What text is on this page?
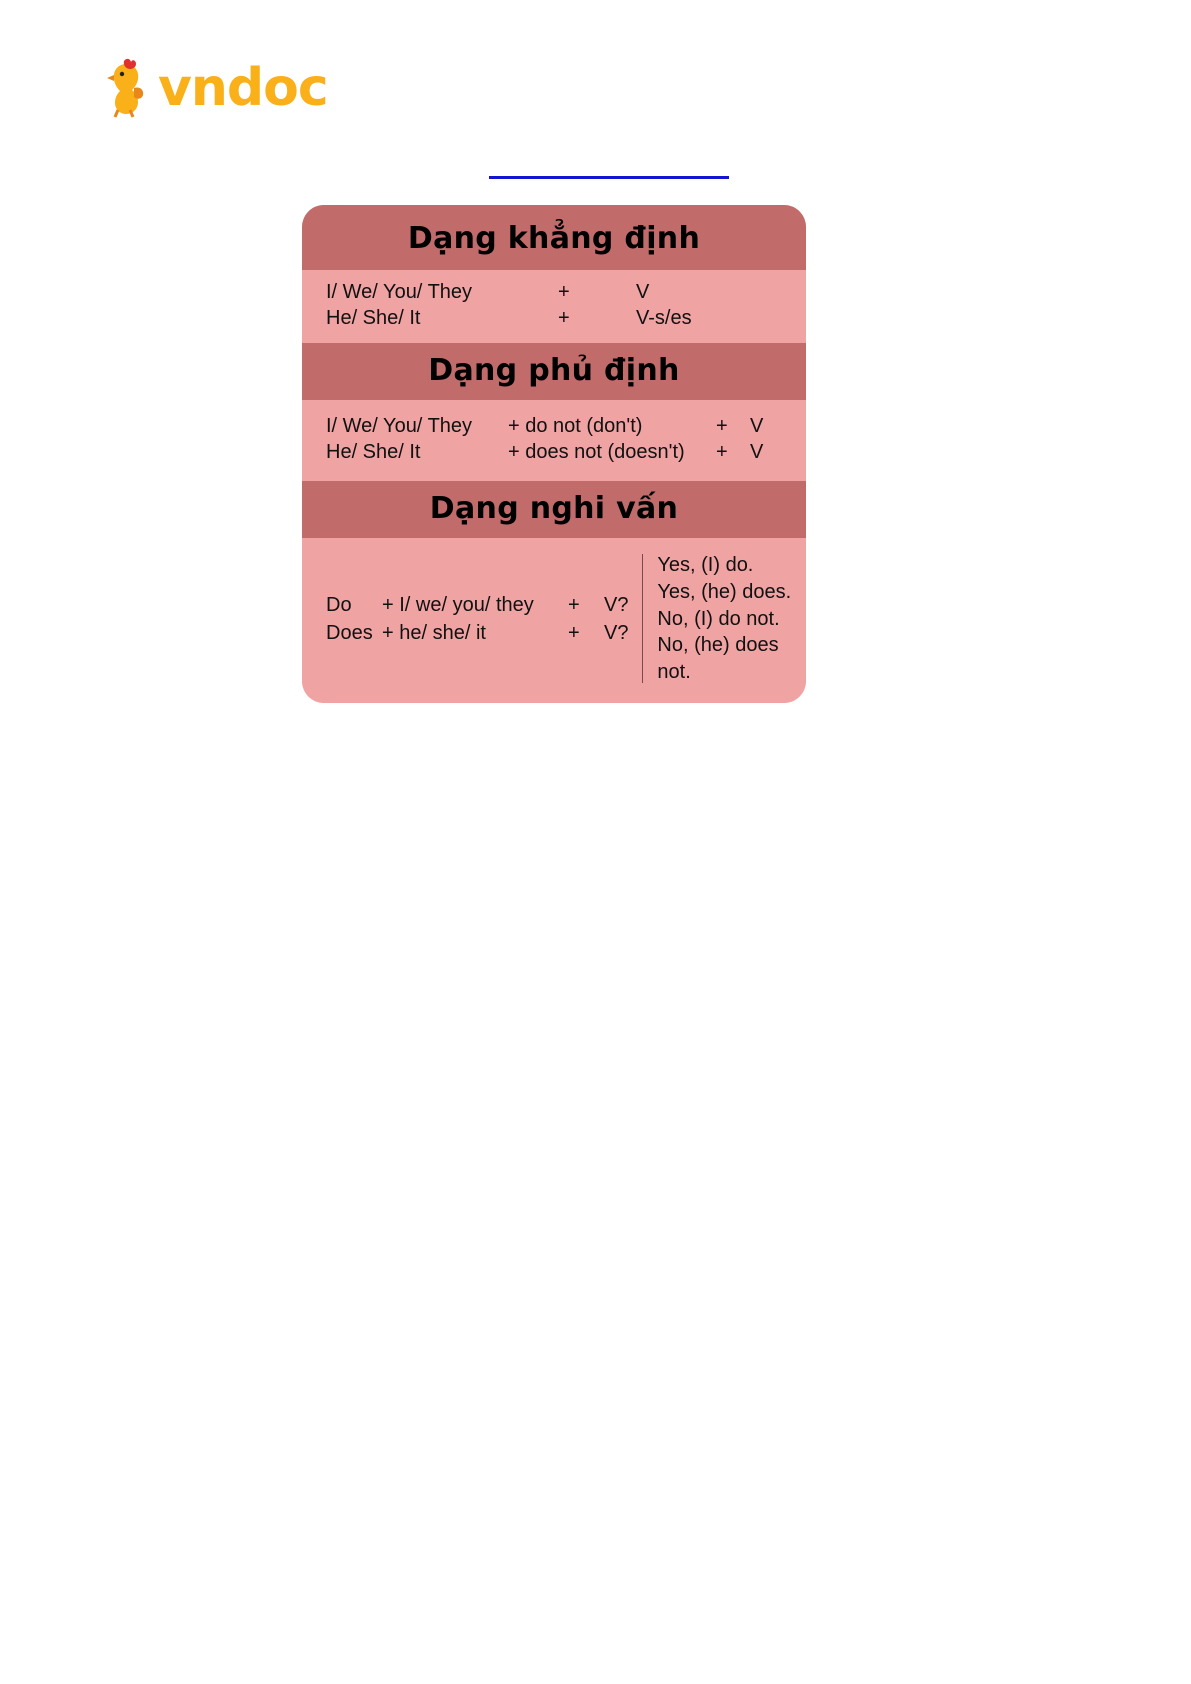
vndoc
Dạng khẳng định
I/ We/ You/ They	+	V
He/ She/ It	+	V-s/es
Dạng phủ định
I/ We/ You/ They	+ do not (don't)	+	V
He/ She/ It	+ does not (doesn't)	+	V
Dạng nghi vấn
Do	+ I/ we/ you/ they	+	V?
Does + he/ she/ it	+	V?
Yes, (I) do.
Yes, (he) does.
No, (I) do not.
No, (he) does not.
